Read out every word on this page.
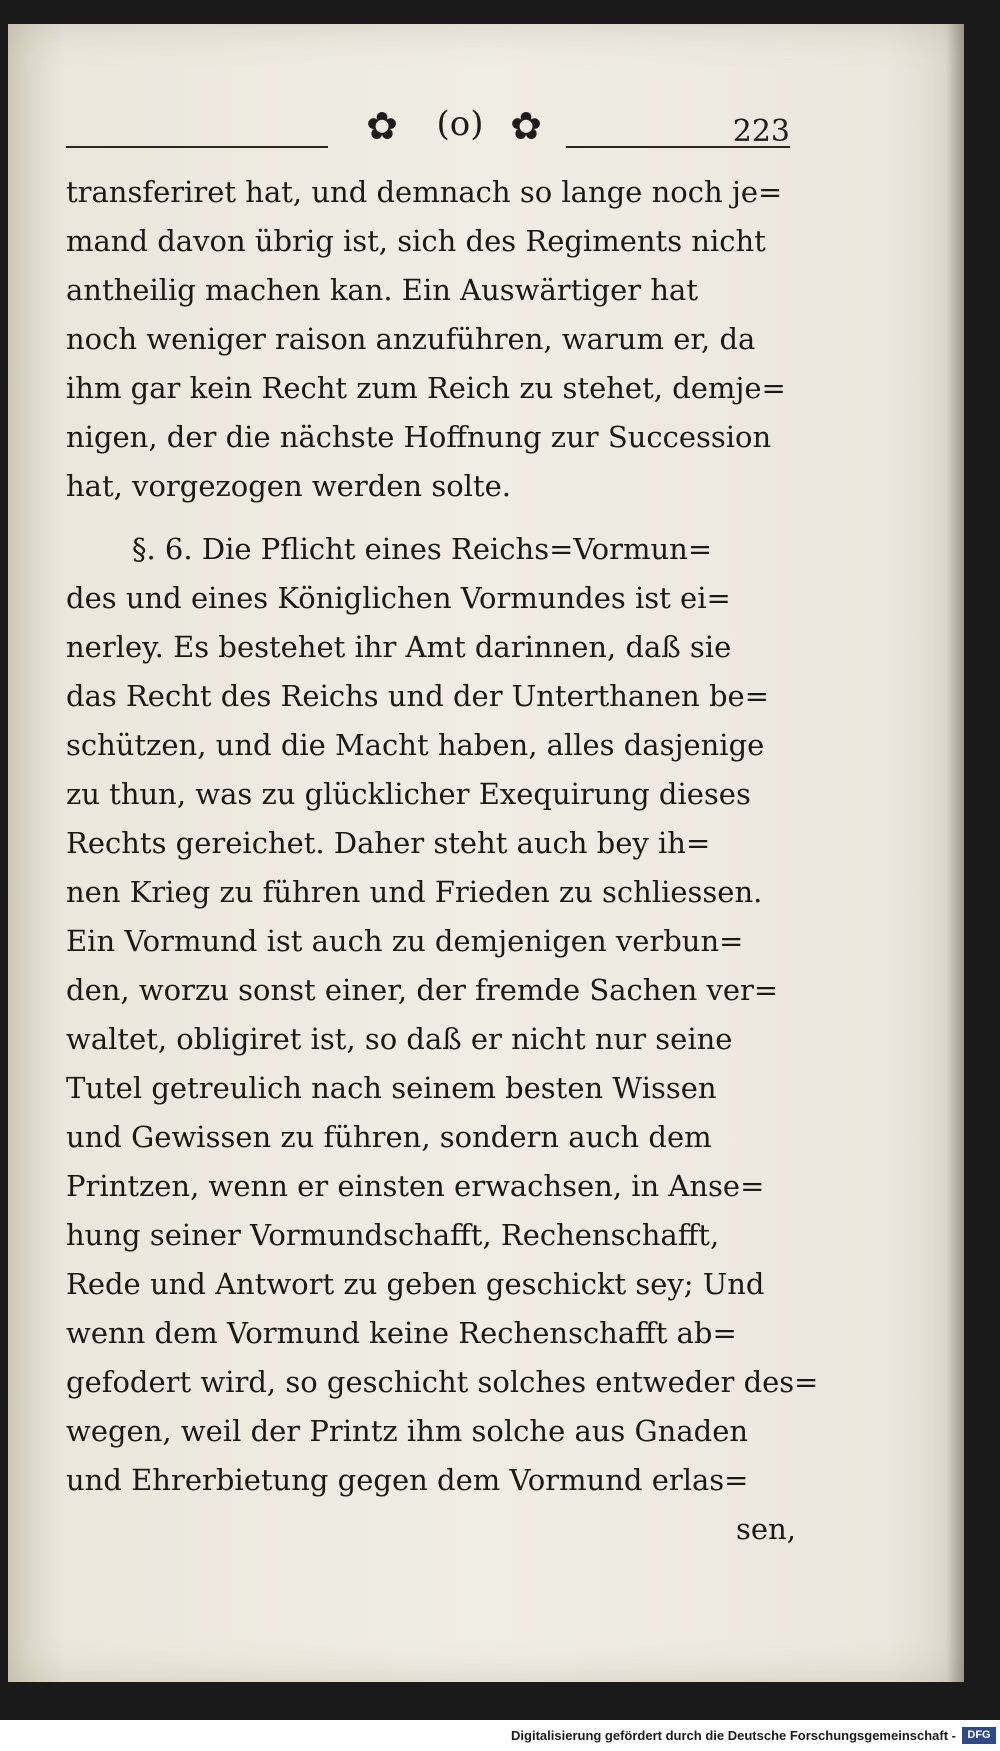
✿	(o) ✿	223
transferiret hat, und demnach so lange noch je=
mand davon übrig ist, sich des Regiments nicht
antheilig machen kan. Ein Auswärtiger hat
noch weniger raison anzuführen, warum er, da
ihm gar kein Recht zum Reich zu stehet, demje=
nigen, der die nächste Hoffnung zur Succession
hat, vorgezogen werden solte.
§. 6. Die Pflicht eines Reichs=Vormun=
des und eines Königlichen Vormundes ist ei=
nerley. Es bestehet ihr Amt darinnen, daß sie
das Recht des Reichs und der Unterthanen be=
schützen, und die Macht haben, alles dasjenige
zu thun, was zu glücklicher Exequirung dieses
Rechts gereichet. Daher steht auch bey ih=
nen Krieg zu führen und Frieden zu schliessen.
Ein Vormund ist auch zu demjenigen verbun=
den, worzu sonst einer, der fremde Sachen ver=
waltet, obligiret ist, so daß er nicht nur seine
Tutel getreulich nach seinem besten Wissen
und Gewissen zu führen, sondern auch dem
Printzen, wenn er einsten erwachsen, in Anse=
hung seiner Vormundschafft, Rechenschafft,
Rede und Antwort zu geben geschickt sey; Und
wenn dem Vormund keine Rechenschafft ab=
gefodert wird, so geschicht solches entweder des=
wegen, weil der Printz ihm solche aus Gnaden
und Ehrerbietung gegen dem Vormund erlas=
sen,
Digitalisierung gefördert durch die Deutsche Forschungsgemeinschaft -	DFG
